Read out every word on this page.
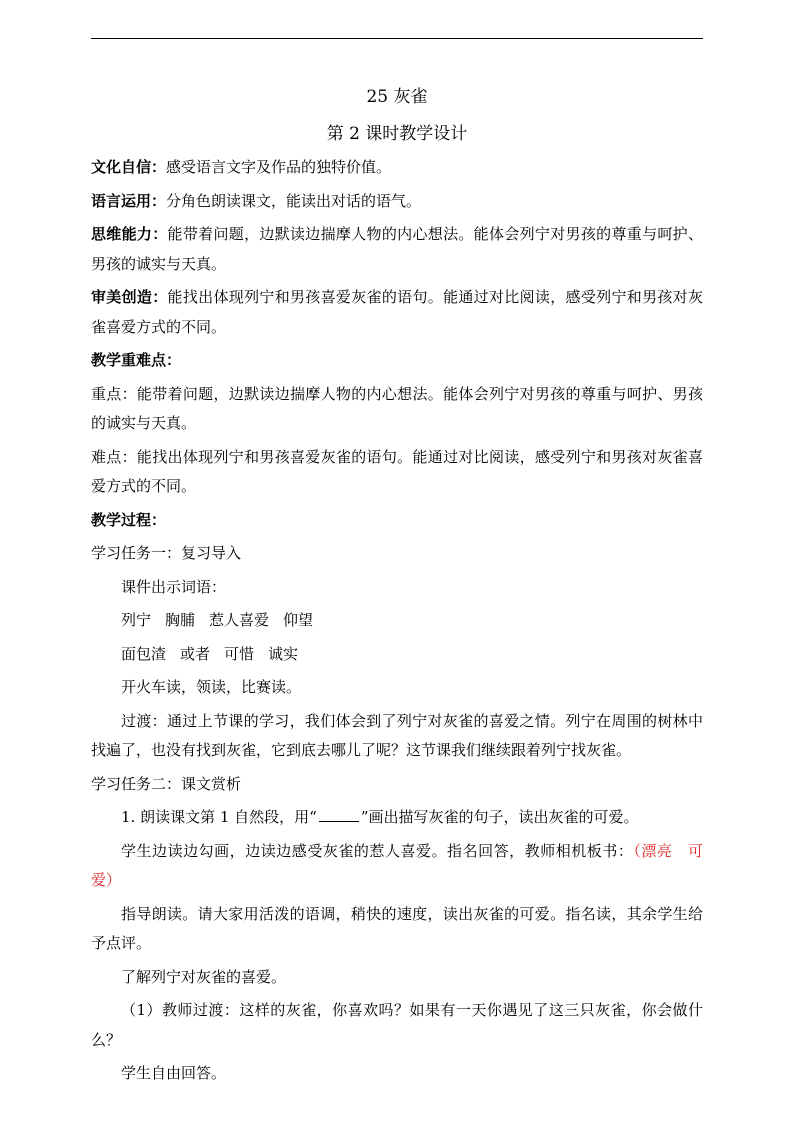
25 灰雀
第 2 课时教学设计
文化自信：感受语言文字及作品的独特价值。
语言运用：分角色朗读课文，能读出对话的语气。
思维能力：能带着问题，边默读边揣摩人物的内心想法。能体会列宁对男孩的尊重与呵护、男孩的诚实与天真。
审美创造：能找出体现列宁和男孩喜爱灰雀的语句。能通过对比阅读，感受列宁和男孩对灰雀喜爱方式的不同。
教学重难点：
重点：能带着问题，边默读边揣摩人物的内心想法。能体会列宁对男孩的尊重与呵护、男孩的诚实与天真。
难点：能找出体现列宁和男孩喜爱灰雀的语句。能通过对比阅读，感受列宁和男孩对灰雀喜爱方式的不同。
教学过程：
学习任务一：复习导入
课件出示词语：
列宁 胸脯 惹人喜爱 仰望
面包渣 或者 可惜 诚实
开火车读，领读，比赛读。
过渡：通过上节课的学习，我们体会到了列宁对灰雀的喜爱之情。列宁在周围的树林中找遍了，也没有找到灰雀，它到底去哪儿了呢？这节课我们继续跟着列宁找灰雀。
学习任务二：课文赏析
1. 朗读课文第 1 自然段，用“	”画出描写灰雀的句子，读出灰雀的可爱。
学生边读边勾画，边读边感受灰雀的惹人喜爱。指名回答，教师相机板书：（漂亮　可爱）
指导朗读。请大家用活泼的语调，稍快的速度，读出灰雀的可爱。指名读，其余学生给予点评。
了解列宁对灰雀的喜爱。
（1）教师过渡：这样的灰雀，你喜欢吗？如果有一天你遇见了这三只灰雀，你会做什么？
学生自由回答。
